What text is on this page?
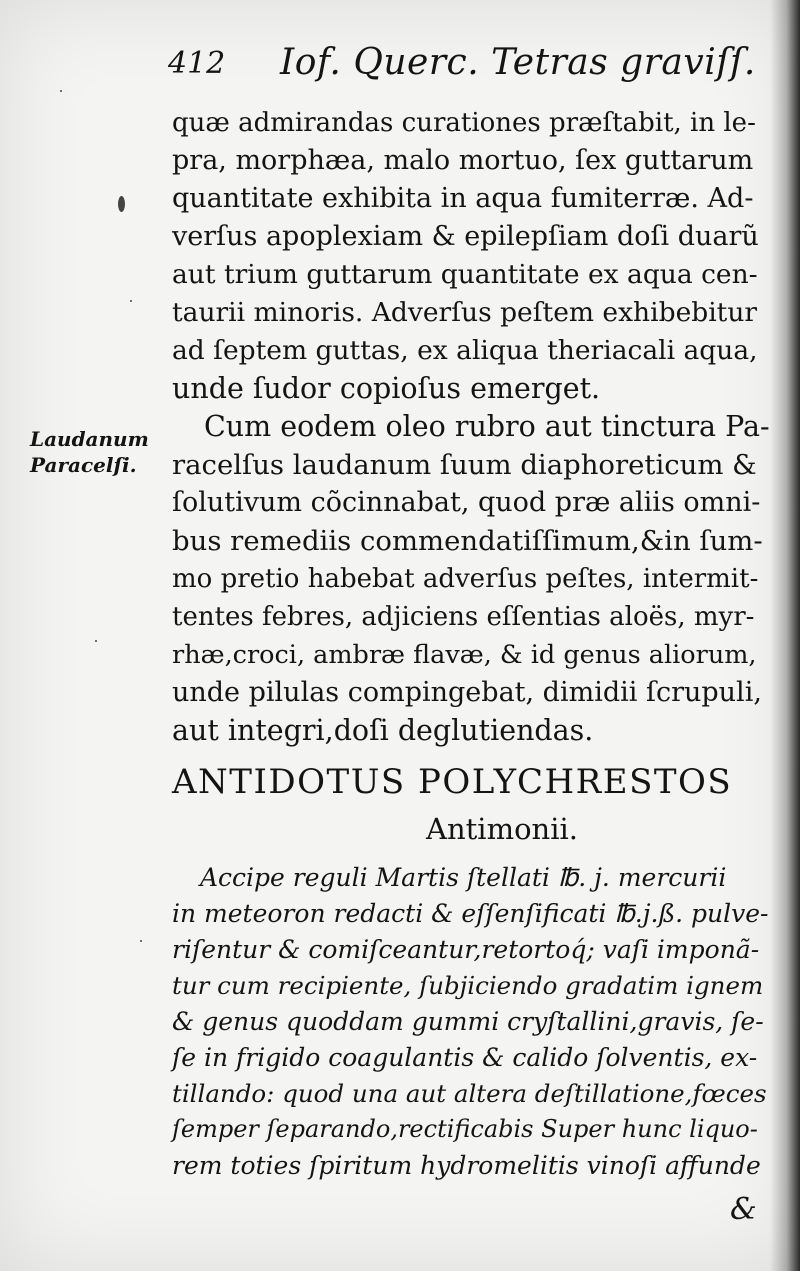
412 Iof. Querc. Tetras graviſſ.
Laudanum
Paracelſi.
quæ admirandas curationes præſtabit, in le-
pra, morphæa, malo mortuo, ſex guttarum
quantitate exhibita in aqua fumiterræ. Ad-
verſus apoplexiam & epilepſiam doſi duarũ
aut trium guttarum quantitate ex aqua cen-
taurii minoris. Adverſus peſtem exhibebitur
ad ſeptem guttas, ex aliqua theriacali aqua,
unde ſudor copioſus emerget.
Cum eodem oleo rubro aut tinctura Pa-
racelſus laudanum ſuum diaphoreticum &
ſolutivum cõcinnabat, quod præ aliis omni-
bus remediis commendatiſſimum,&in ſum-
mo pretio habebat adverſus peſtes, intermit-
tentes febres, adjiciens eſſentias aloës, myr-
rhæ,croci, ambræ flavæ, & id genus aliorum,
unde pilulas compingebat, dimidii ſcrupuli,
aut integri,doſi deglutiendas.
ANTIDOTUS POLYCHRESTOS
Antimonii.
Accipe reguli Martis ſtellati ℔. j. mercurii
in meteoron redacti & eſſenſificati ℔.j.ß. pulve-
riſentur & comiſceantur,retortoq́; vaſi imponã-
tur cum recipiente, ſubjiciendo gradatim ignem
& genus quoddam gummi cryſtallini,gravis, ſe-
ſe in frigido coagulantis & calido ſolventis, ex-
tillando: quod una aut altera deſtillatione,fœces
ſemper ſeparando,rectificabis Super hunc liquo-
rem toties ſpiritum hydromelitis vinoſi affunde
&
